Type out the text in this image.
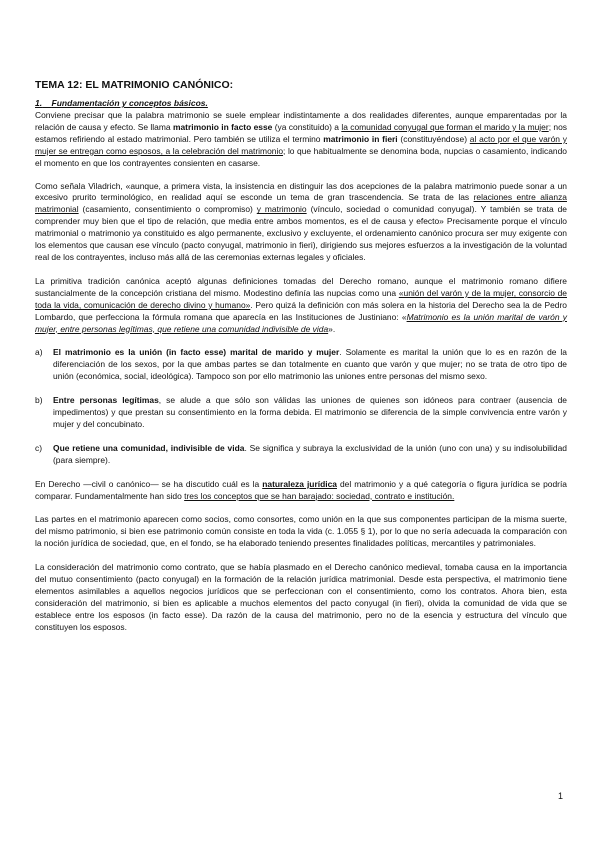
TEMA 12: EL MATRIMONIO CANÓNICO:
1. Fundamentación y conceptos básicos.

Conviene precisar que la palabra matrimonio se suele emplear indistintamente a dos realidades diferentes, aunque emparentadas por la relación de causa y efecto. Se llama matrimonio in facto esse (ya constituido) a la comunidad conyugal que forman el marido y la mujer; nos estamos refiriendo al estado matrimonial. Pero también se utiliza el termino matrimonio in fieri (constituyéndose) al acto por el que varón y mujer se entregan como esposos, a la celebración del matrimonio; lo que habitualmente se denomina boda, nupcias o casamiento, indicando el momento en que los contrayentes consienten en casarse.

Como señala Viladrich, «aunque, a primera vista, la insistencia en distinguir las dos acepciones de la palabra matrimonio puede sonar a un excesivo prurito terminológico, en realidad aquí se esconde un tema de gran trascendencia. Se trata de las relaciones entre alianza matrimonial (casamiento, consentimiento o compromiso) y matrimonio (vínculo, sociedad o comunidad conyugal). Y también se trata de comprender muy bien que el tipo de relación, que media entre ambos momentos, es el de causa y efecto» Precisamente porque el vínculo matrimonial o matrimonio ya constituido es algo permanente, exclusivo y excluyente, el ordenamiento canónico procura ser muy exigente con los elementos que causan ese vínculo (pacto conyugal, matrimonio in fieri), dirigiendo sus mejores esfuerzos a la investigación de la voluntad real de los contrayentes, incluso más allá de las ceremonias externas legales y oficiales.

La primitiva tradición canónica aceptó algunas definiciones tomadas del Derecho romano, aunque el matrimonio romano difiere sustancialmente de la concepción cristiana del mismo. Modestino definía las nupcias como una «unión del varón y de la mujer, consorcio de toda la vida, comunicación de derecho divino y humano». Pero quizá la definición con más solera en la historia del Derecho sea la de Pedro Lombardo, que perfecciona la fórmula romana que aparecía en las Instituciones de Justiniano: «Matrimonio es la unión marital de varón y mujer, entre personas legítimas, que retiene una comunidad indivisible de vida».

a)	El matrimonio es la unión (in facto esse) marital de marido y mujer. Solamente es marital la unión que lo es en razón de la diferenciación de los sexos, por la que ambas partes se dan totalmente en cuanto que varón y que mujer; no se trata de otro tipo de unión (económica, social, ideológica). Tampoco son por ello matrimonio las uniones entre personas del mismo sexo.
b)	Entre personas legítimas, se alude a que sólo son válidas las uniones de quienes son idóneos para contraer (ausencia de impedimentos) y que prestan su consentimiento en la forma debida. El matrimonio se diferencia de la simple convivencia entre varón y mujer y del concubinato.
c)	Que retiene una comunidad, indivisible de vida. Se significa y subraya la exclusividad de la unión (uno con una) y su indisolubilidad (para siempre).

En Derecho —civil o canónico— se ha discutido cuál es la naturaleza jurídica del matrimonio y a qué categoría o figura jurídica se podría comparar. Fundamentalmente han sido tres los conceptos que se han barajado: sociedad, contrato e institución.

Las partes en el matrimonio aparecen como socios, como consortes, como unión en la que sus componentes participan de la misma suerte, del mismo patrimonio, si bien ese patrimonio común consiste en toda la vida (c. 1.055 § 1), por lo que no sería adecuada la comparación con la noción jurídica de sociedad, que, en el fondo, se ha elaborado teniendo presentes finalidades políticas, mercantiles y patrimoniales.

La consideración del matrimonio como contrato, que se había plasmado en el Derecho canónico medieval, tomaba causa en la importancia del mutuo consentimiento (pacto conyugal) en la formación de la relación jurídica matrimonial. Desde esta perspectiva, el matrimonio tiene elementos asimilables a aquellos negocios jurídicos que se perfeccionan con el consentimiento, como los contratos. Ahora bien, esta consideración del matrimonio, si bien es aplicable a muchos elementos del pacto conyugal (in fieri), olvida la comunidad de vida que se establece entre los esposos (in facto esse). Da razón de la causa del matrimonio, pero no de la esencia y estructura del vínculo que constituyen los esposos.

1
